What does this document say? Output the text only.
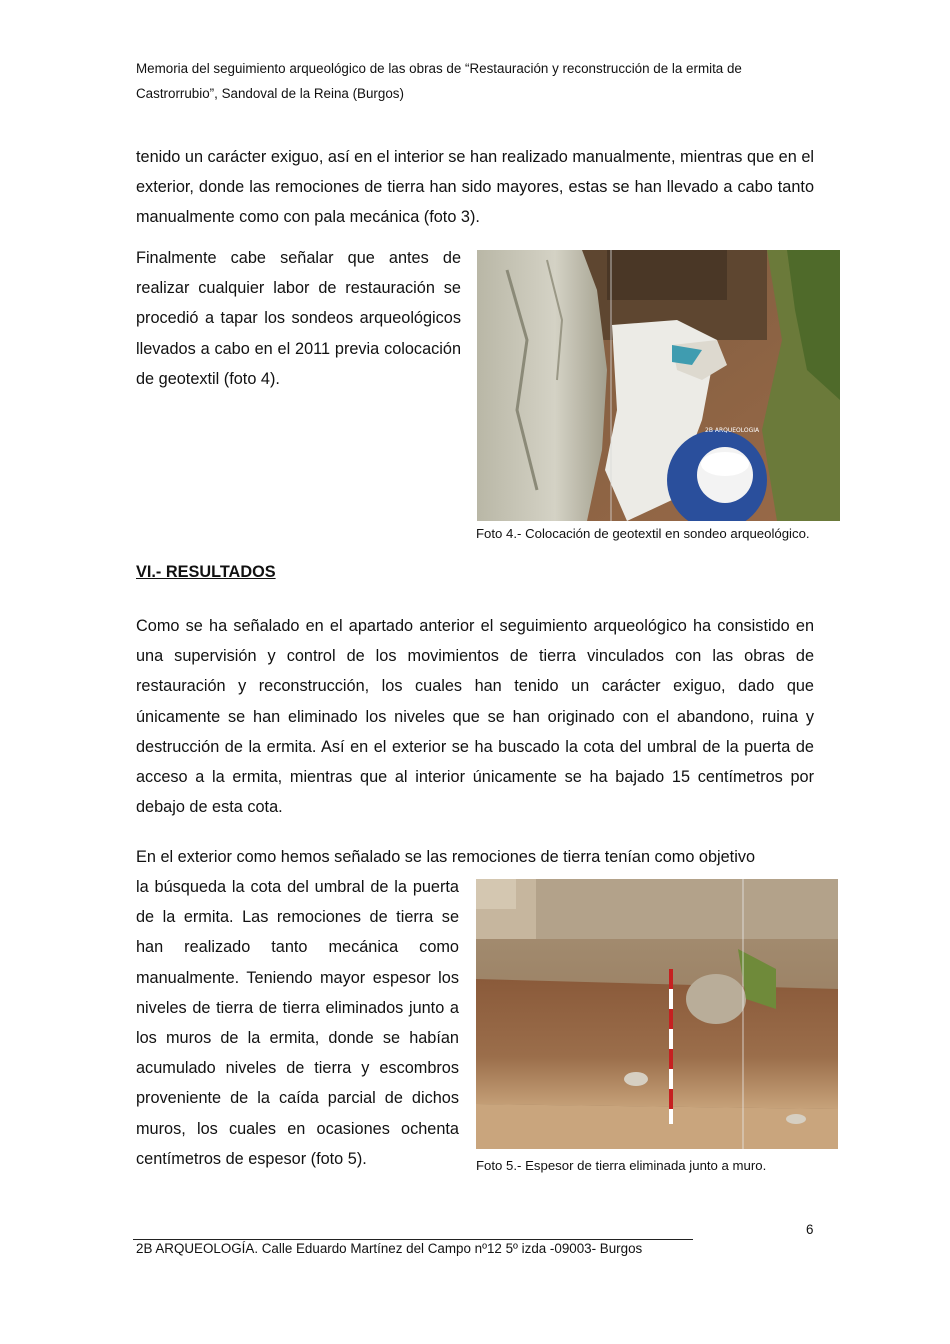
Memoria del seguimiento arqueológico de las obras de “Restauración y reconstrucción de la ermita de
Castrorrubio”, Sandoval de la Reina (Burgos)

tenido un carácter exiguo, así en el interior se han realizado manualmente, mientras que en el exterior, donde las remociones de tierra han sido mayores, estas se han llevado a cabo tanto manualmente como con pala mecánica (foto 3).

Finalmente cabe señalar que antes de realizar cualquier labor de restauración se procedió a tapar los sondeos arqueológicos llevados a cabo en el 2011 previa colocación de geotextil (foto 4).

2B ARQUEOLOGIA
Foto 4.- Colocación de geotextil en sondeo arqueológico.
VI.- RESULTADOS

Como se ha señalado en el apartado anterior el seguimiento arqueológico ha consistido en una supervisión y control de los movimientos de tierra vinculados con las obras de restauración y reconstrucción, los cuales han tenido un carácter exiguo, dado que únicamente se han eliminado los niveles que se han originado con el abandono, ruina y destrucción de la ermita. Así en el exterior se ha buscado la cota del umbral de la puerta de acceso a la ermita, mientras que al interior únicamente se ha bajado 15 centímetros por debajo de esta cota.

En el exterior como hemos señalado se las remociones de tierra tenían como objetivo

la búsqueda la cota del umbral de la puerta de la ermita. Las remociones de tierra se han realizado tanto mecánica como manualmente. Teniendo mayor espesor los niveles de tierra de tierra eliminados junto a los muros de la ermita, donde se habían acumulado niveles de tierra y escombros proveniente de la caída parcial de dichos muros, los cuales en ocasiones ochenta centímetros de espesor (foto 5).	Foto 5.- Espesor de tierra eliminada junto a muro.
6
2B ARQUEOLOGÍA. Calle Eduardo Martínez del Campo nº12 5º izda -09003- Burgos
